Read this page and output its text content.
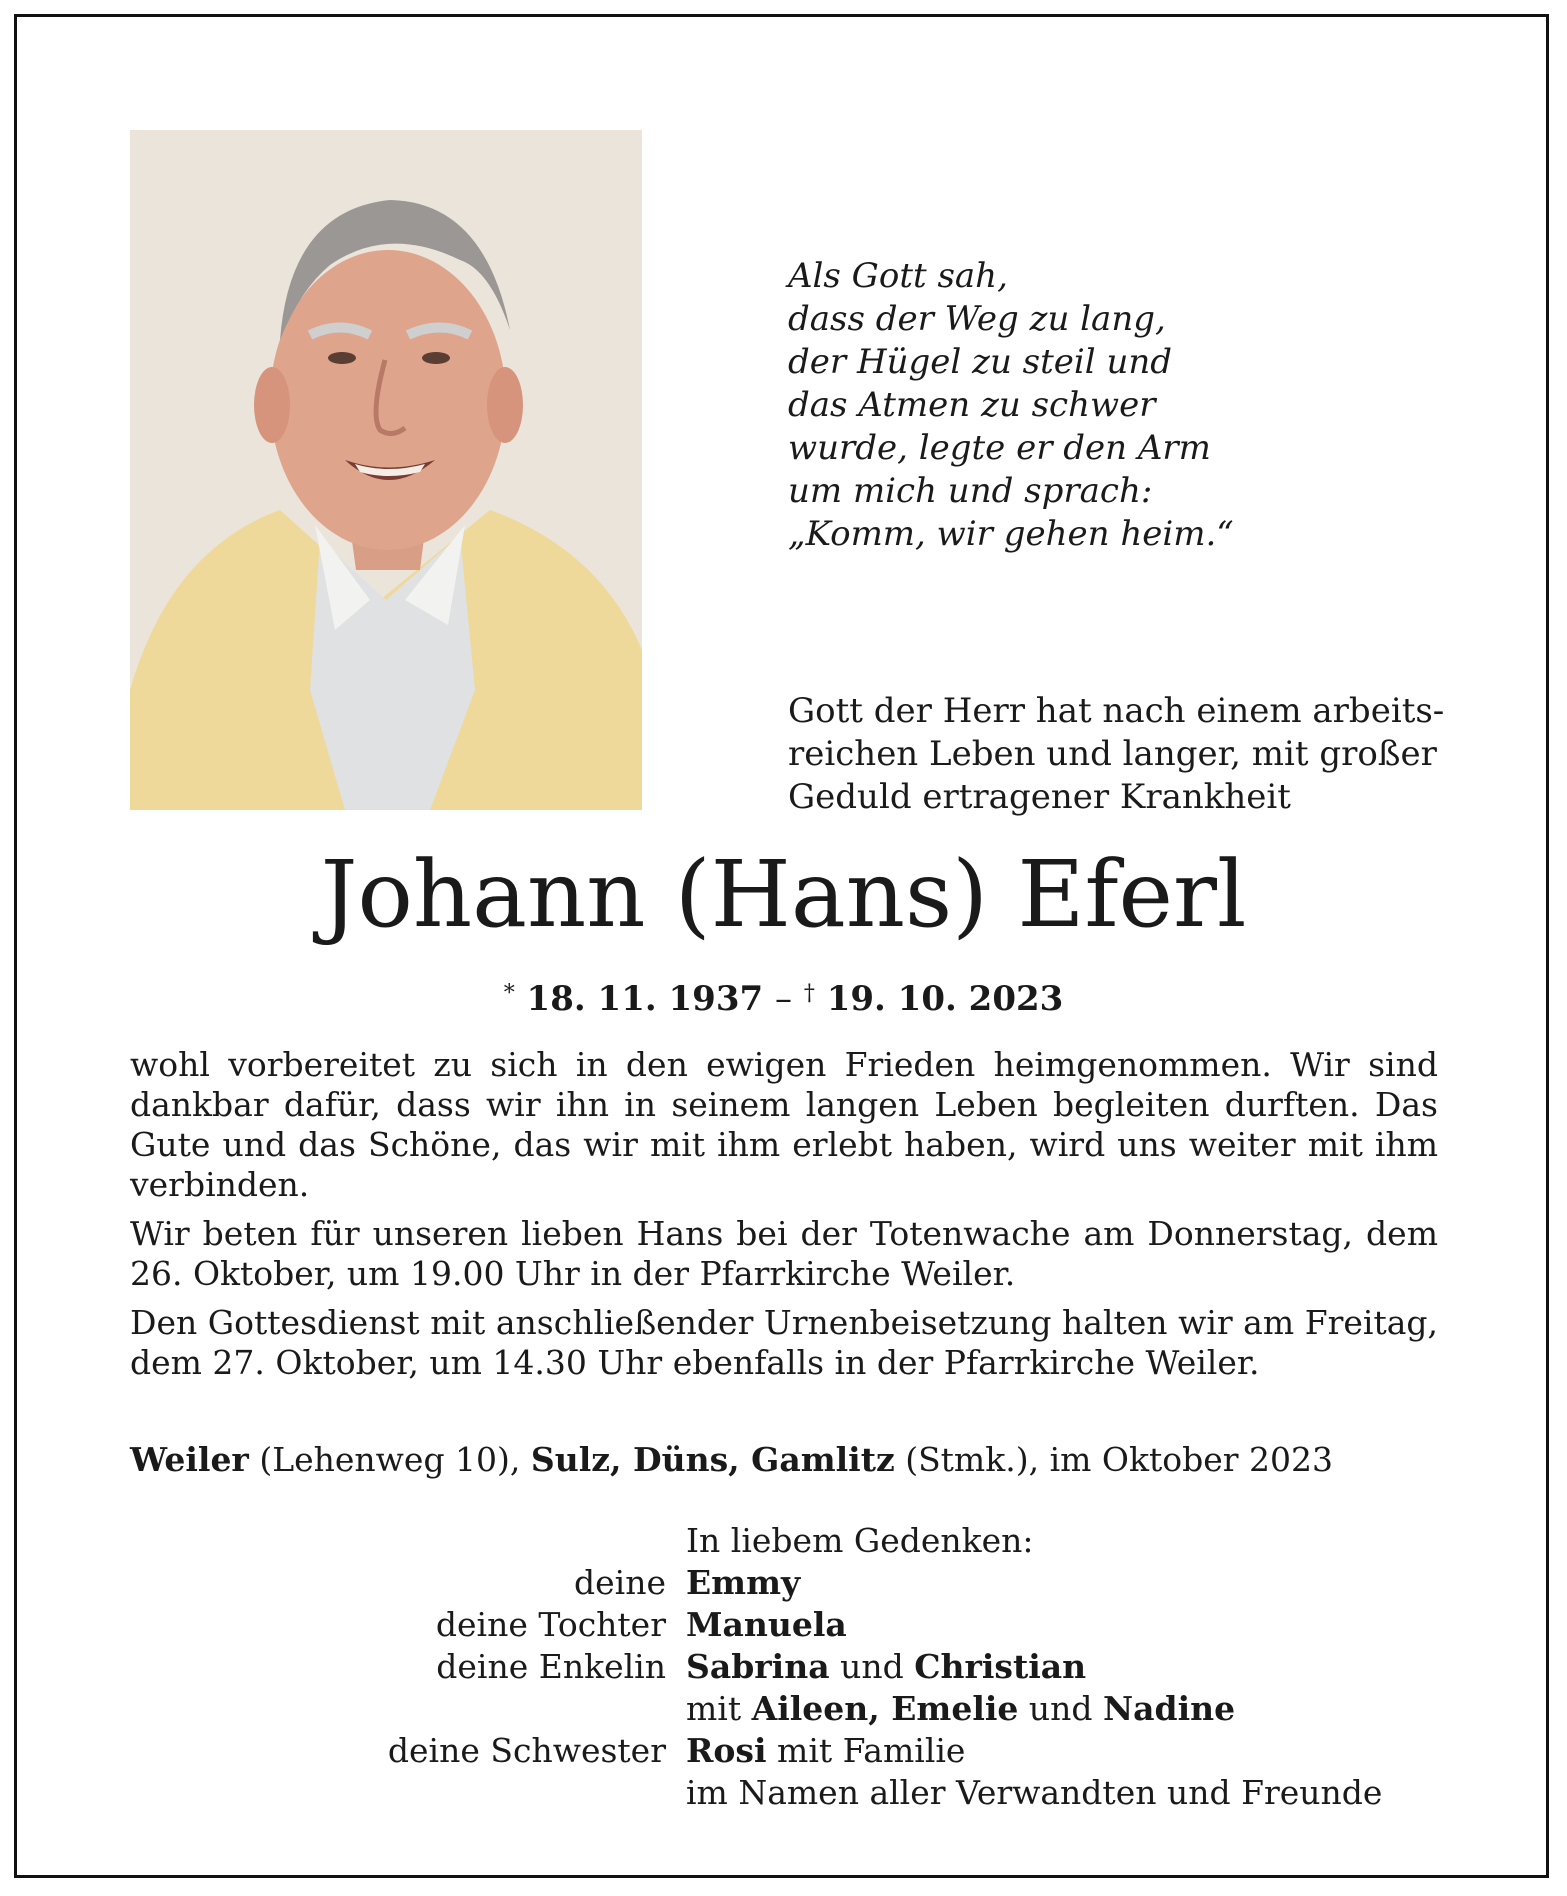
Als Gott sah,
dass der Weg zu lang,
der Hügel zu steil und
das Atmen zu schwer
wurde, legte er den Arm
um mich und sprach:
„Komm, wir gehen heim.“
Gott der Herr hat nach einem arbeits-
reichen Leben und langer, mit großer
Geduld ertragener Krankheit
Johann (Hans) Eferl
* 18. 11. 1937 – † 19. 10. 2023

wohl vorbereitet zu sich in den ewigen Frieden heimgenommen. Wir sind dankbar dafür, dass wir ihn in seinem langen Leben begleiten durften. Das Gute und das Schöne, das wir mit ihm erlebt haben, wird uns weiter mit ihm verbinden.

Wir beten für unseren lieben Hans bei der Totenwache am Donnerstag, dem 26. Oktober, um 19.00 Uhr in der Pfarrkirche Weiler.

Den Gottesdienst mit anschließender Urnenbeisetzung halten wir am Freitag, dem 27. Oktober, um 14.30 Uhr ebenfalls in der Pfarrkirche Weiler.

Weiler (Lehenweg 10), Sulz, Düns, Gamlitz (Stmk.), im Oktober 2023
In liebem Gedenken:
deine Emmy
deine Tochter Manuela
deine Enkelin Sabrina und Christian
mit Aileen, Emelie und Nadine
deine Schwester Rosi mit Familie
im Namen aller Verwandten und Freunde
